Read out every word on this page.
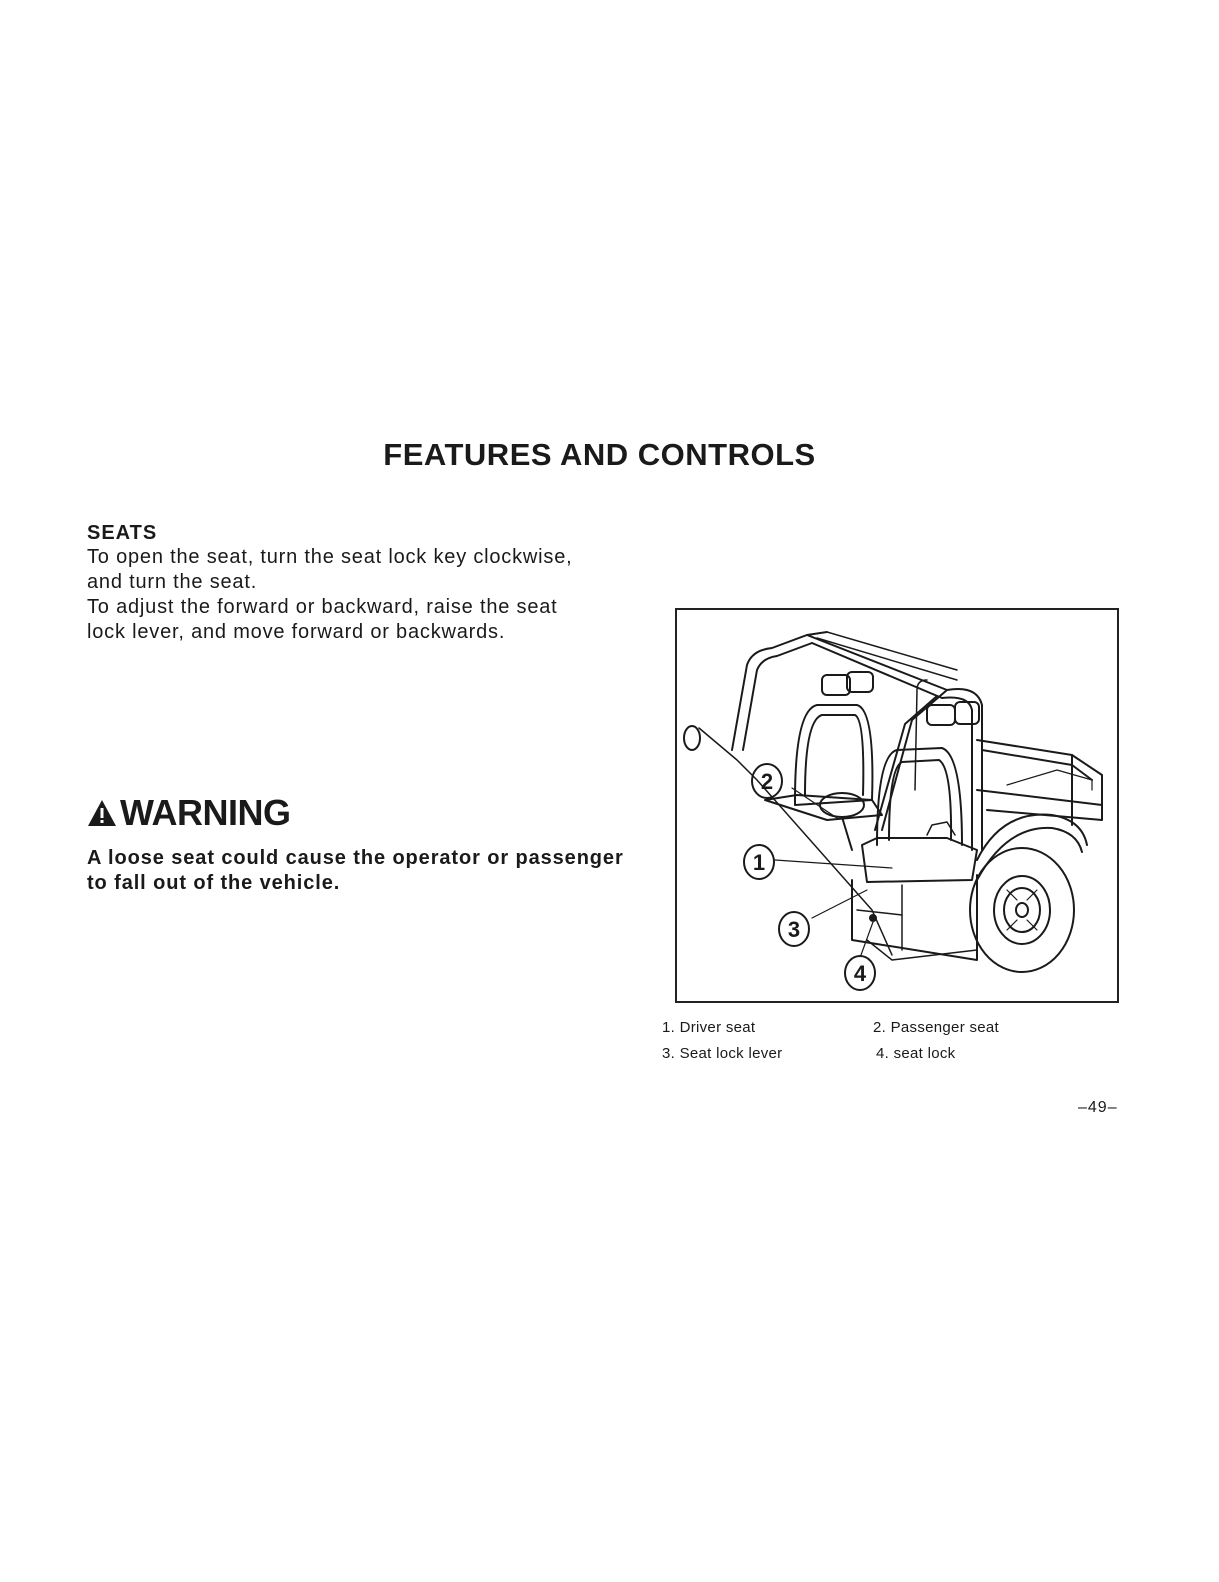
FEATURES AND CONTROLS
SEATS

To open the seat, turn the seat lock key clockwise,

and turn the seat.

To adjust the forward or backward, raise the seat

lock lever, and move forward or backwards.

WARNING

A loose seat could cause the operator or passenger
to fall out of the vehicle.

2
1
3
4
1. Driver seat	2. Passenger seat
3. Seat lock lever	4. seat lock
–49–
